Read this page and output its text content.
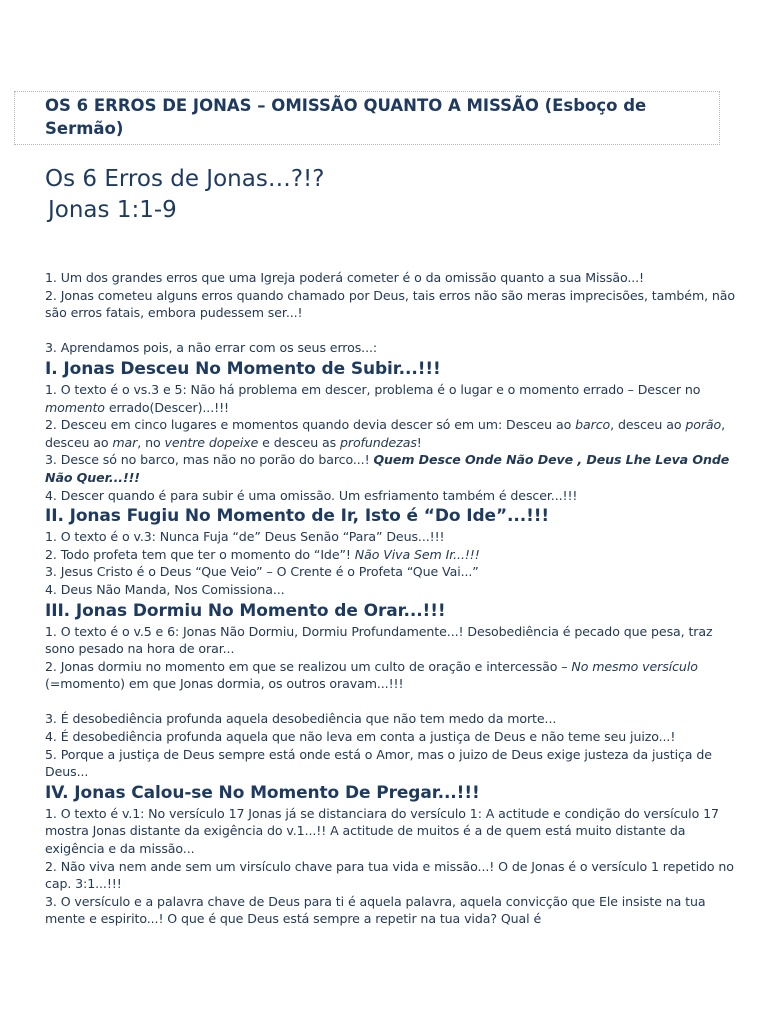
OS 6 ERROS DE JONAS – OMISSÃO QUANTO A MISSÃO (Esboço de Sermão)
Os 6 Erros de Jonas…?!?
Jonas 1:1-9

1. Um dos grandes erros que uma Igreja poderá cometer é o da omissão quanto a sua Missão...!

2. Jonas cometeu alguns erros quando chamado por Deus, tais erros não são meras imprecisões, também, não são erros fatais, embora pudessem ser...!

3. Aprendamos pois, a não errar com os seus erros...:

I. Jonas Desceu No Momento de Subir...!!!

1. O texto é o vs.3 e 5: Não há problema em descer, problema é o lugar e o momento errado – Descer no momento errado(Descer)...!!!

2. Desceu em cinco lugares e momentos quando devia descer só em um: Desceu ao barco, desceu ao porão, desceu ao mar, no ventre dopeixe e desceu as profundezas!

3. Desce só no barco, mas não no porão do barco...! Quem Desce Onde Não Deve , Deus Lhe Leva Onde Não Quer...!!!

4. Descer quando é para subir é uma omissão. Um esfriamento também é descer...!!!

II. Jonas Fugiu No Momento de Ir, Isto é “Do Ide”...!!!

1. O texto é o v.3: Nunca Fuja “de” Deus Senão “Para” Deus...!!!

2. Todo profeta tem que ter o momento do “Ide”! Não Viva Sem Ir...!!!

3. Jesus Cristo é o Deus “Que Veio” – O Crente é o Profeta “Que Vai...”

4. Deus Não Manda, Nos Comissiona...

III. Jonas Dormiu No Momento de Orar...!!!

1. O texto é o v.5 e 6: Jonas Não Dormiu, Dormiu Profundamente...! Desobediência é pecado que pesa, traz sono pesado na hora de orar...

2. Jonas dormiu no momento em que se realizou um culto de oração e intercessão – No mesmo versículo (=momento) em que Jonas dormia, os outros oravam...!!!

3. É desobediência profunda aquela desobediência que não tem medo da morte...

4. É desobediência profunda aquela que não leva em conta a justiça de Deus e não teme seu juizo...!

5. Porque a justiça de Deus sempre está onde está o Amor, mas o juizo de Deus exige justeza da justiça de Deus...

IV. Jonas Calou-se No Momento De Pregar...!!!

1. O texto é v.1: No versículo 17 Jonas já se distanciara do versículo 1: A actitude e condição do versículo 17 mostra Jonas distante da exigência do v.1...!! A actitude de muitos é a de quem está muito distante da exigência e da missão...

2. Não viva nem ande sem um virsículo chave para tua vida e missão...! O de Jonas é o versículo 1 repetido no cap. 3:1...!!!

3. O versículo e a palavra chave de Deus para ti é aquela palavra, aquela convicção que Ele insiste na tua mente e espirito...! O que é que Deus está sempre a repetir na tua vida? Qual é
